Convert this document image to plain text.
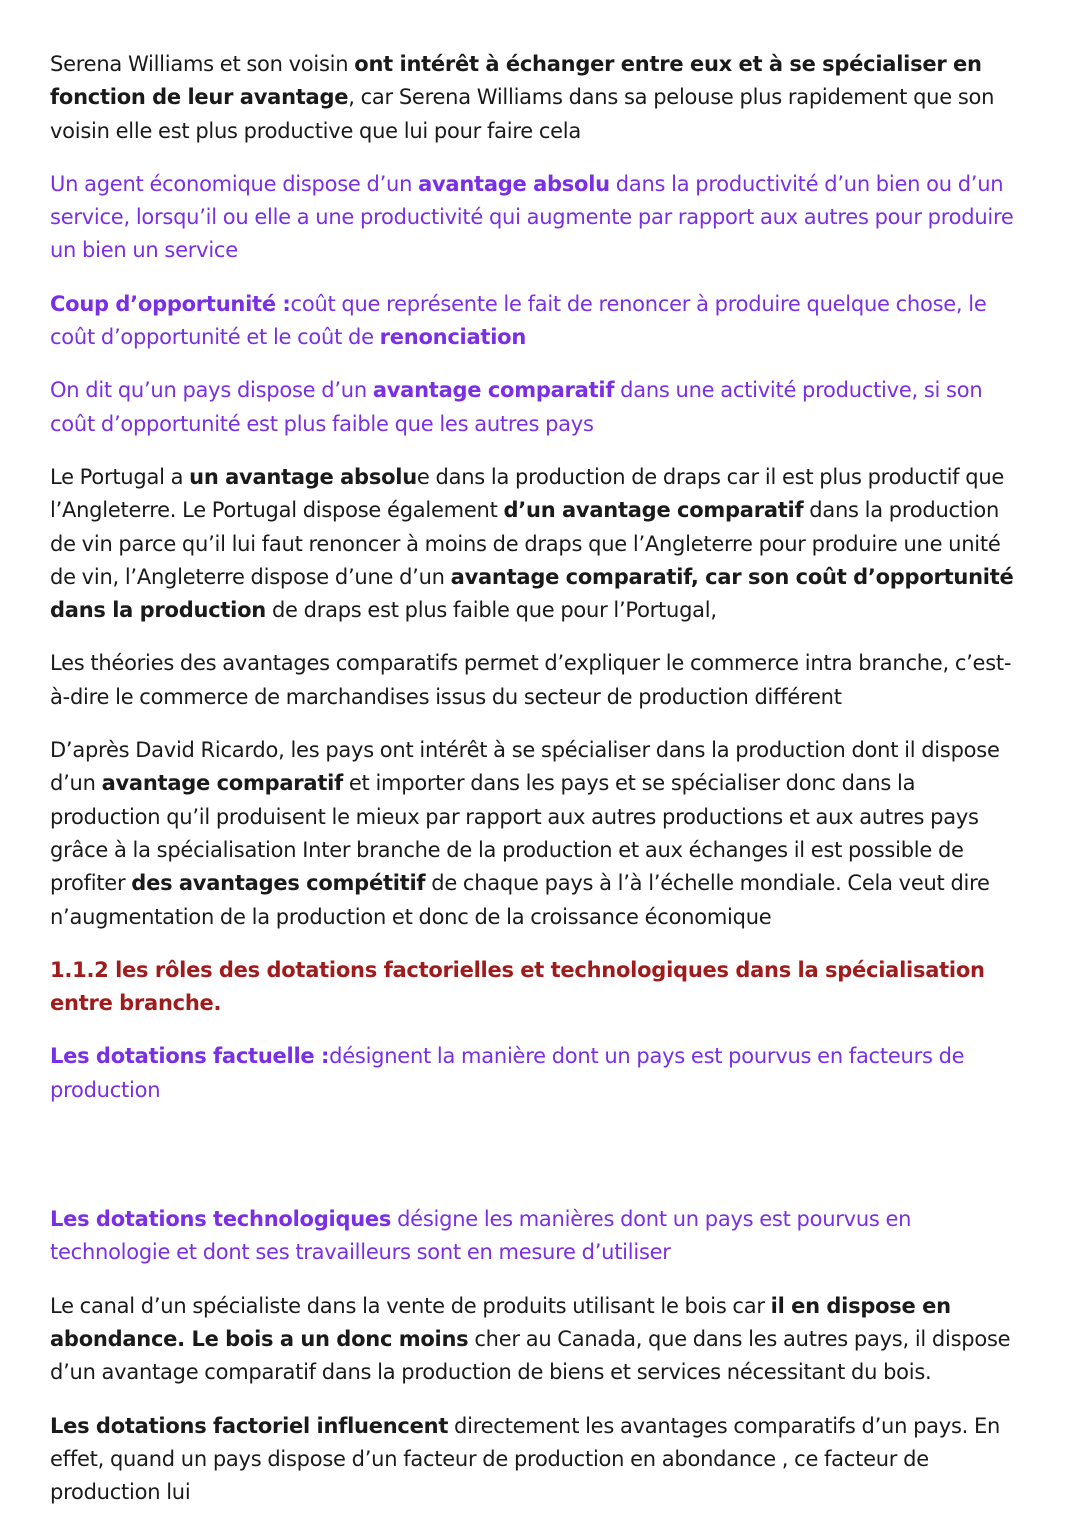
Serena Williams et son voisin ont intérêt à échanger entre eux et à se spécialiser en fonction de leur avantage, car Serena Williams dans sa pelouse plus rapidement que son voisin elle est plus productive que lui pour faire cela

Un agent économique dispose d’un avantage absolu dans la productivité d’un bien ou d’un service, lorsqu’il ou elle a une productivité qui augmente par rapport aux autres pour produire un bien un service

Coup d’opportunité :coût que représente le fait de renoncer à produire quelque chose, le coût d’opportunité et le coût de renonciation

On dit qu’un pays dispose d’un avantage comparatif dans une activité productive, si son coût d’opportunité est plus faible que les autres pays

Le Portugal a un avantage absolue dans la production de draps car il est plus productif que l’Angleterre. Le Portugal dispose également d’un avantage comparatif dans la production de vin parce qu’il lui faut renoncer à moins de draps que l’Angleterre pour produire une unité de vin, l’Angleterre dispose d’une d’un avantage comparatif, car son coût d’opportunité dans la production de draps est plus faible que pour l’Portugal,

Les théories des avantages comparatifs permet d’expliquer le commerce intra branche, c’est-à-dire le commerce de marchandises issus du secteur de production différent

D’après David Ricardo, les pays ont intérêt à se spécialiser dans la production dont il dispose d’un avantage comparatif et importer dans les pays et se spécialiser donc dans la production qu’il produisent le mieux par rapport aux autres productions et aux autres pays grâce à la spécialisation Inter branche de la production et aux échanges il est possible de profiter des avantages compétitif de chaque pays à l’à l’échelle mondiale. Cela veut dire n’augmentation de la production et donc de la croissance économique

1.1.2 les rôles des dotations factorielles et technologiques dans la spécialisation entre branche.

Les dotations factuelle :désignent la manière dont un pays est pourvus en facteurs de production

Les dotations technologiques désigne les manières dont un pays est pourvus en technologie et dont ses travailleurs sont en mesure d’utiliser

Le canal d’un spécialiste dans la vente de produits utilisant le bois car il en dispose en abondance. Le bois a un donc moins cher au Canada, que dans les autres pays, il dispose d’un avantage comparatif dans la production de biens et services nécessitant du bois.

Les dotations factoriel influencent directement les avantages comparatifs d’un pays. En effet, quand un pays dispose d’un facteur de production en abondance , ce facteur de production lui
